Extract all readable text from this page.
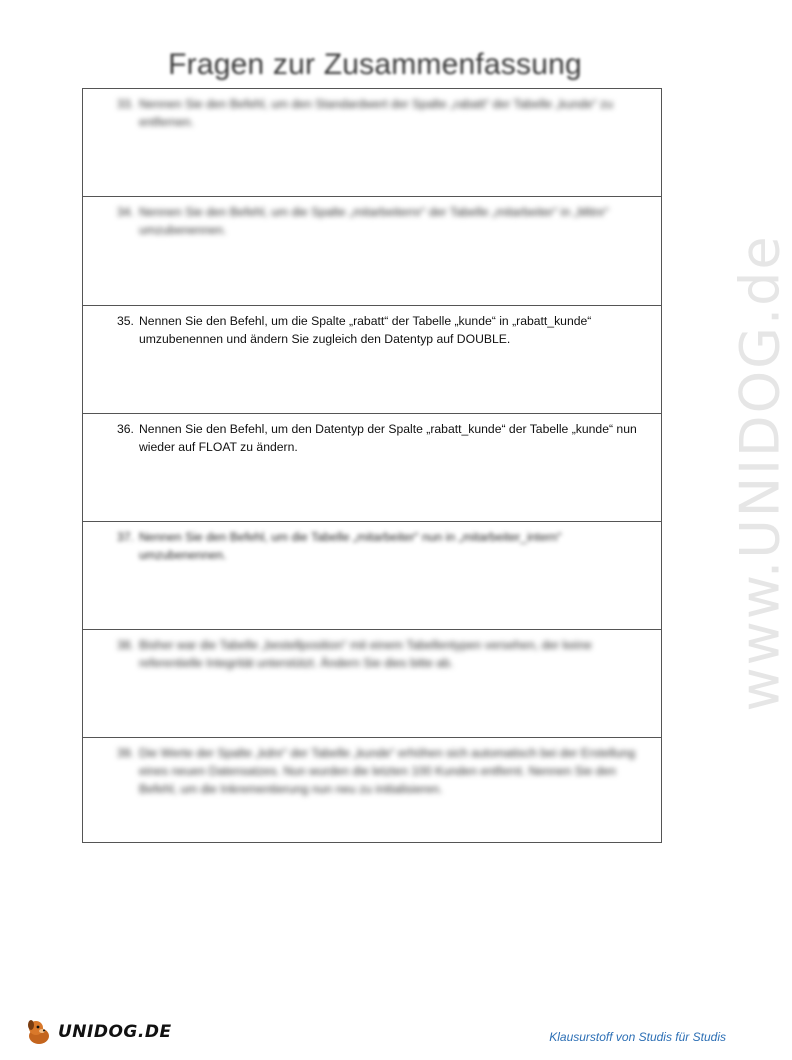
Fragen zur Zusammenfassung
33. Nennen Sie den Befehl, um den Standardwert der Spalte „rabatt“ der Tabelle „kunde“ zu entfernen.
34. Nennen Sie den Befehl, um die Spalte „mitarbeiternr“ der Tabelle „mitarbeiter“ in „Mitnr“ umzubenennen.
35. Nennen Sie den Befehl, um die Spalte „rabatt“ der Tabelle „kunde“ in „rabatt_kunde“ umzubenennen und ändern Sie zugleich den Datentyp auf DOUBLE.
36. Nennen Sie den Befehl, um den Datentyp der Spalte „rabatt_kunde“ der Tabelle „kunde“ nun wieder auf FLOAT zu ändern.
37. Nennen Sie den Befehl, um die Tabelle „mitarbeiter“ nun in „mitarbeiter_intern“ umzubenennen.
38. Bisher war die Tabelle „bestellposition“ mit einem Tabellentypen versehen, der keine referentielle Integrität unterstützt. Ändern Sie dies bitte ab.
39. Die Werte der Spalte „kdnr“ der Tabelle „kunde“ erhöhen sich automatisch bei der Erstellung eines neuen Datensatzes. Nun wurden die letzten 100 Kunden entfernt. Nennen Sie den Befehl, um die Inkrementierung nun neu zu initialisieren.
www.UNIDOG.de
UNIDOG.DE	Klausurstoff von Studis für Studis
